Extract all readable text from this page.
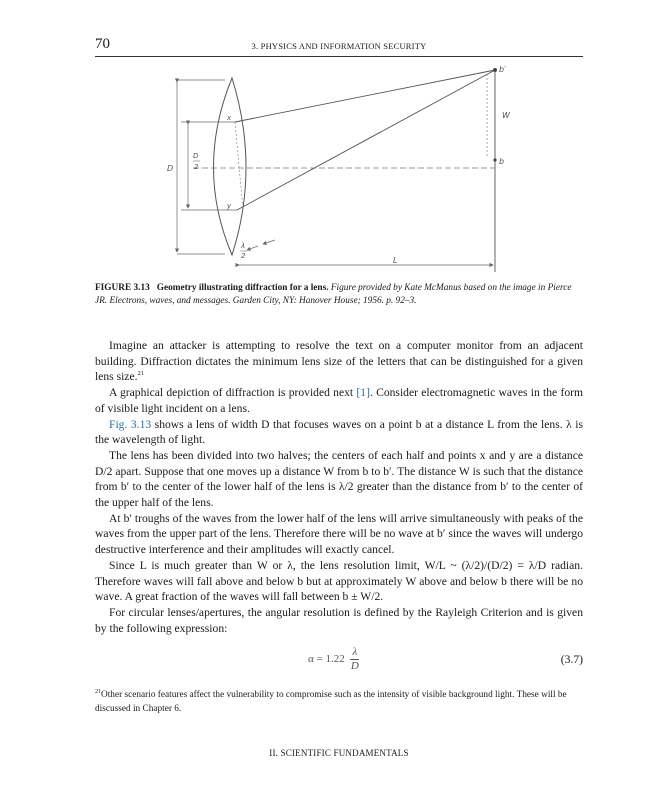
70	3. PHYSICS AND INFORMATION SECURITY
b′
W
b
x
y
D
D
2
λ
2	L
FIGURE 3.13 Geometry illustrating diffraction for a lens. Figure provided by Kate McManus based on the image in Pierce JR. Electrons, waves, and messages. Garden City, NY: Hanover House; 1956. p. 92–3.

Imagine an attacker is attempting to resolve the text on a computer monitor from an adjacent building. Diffraction dictates the minimum lens size of the letters that can be distinguished for a given lens size.$^{21}$

A graphical depiction of diffraction is provided next [1]. Consider electromagnetic waves in the form of visible light incident on a lens.

Fig. 3.13 shows a lens of width D that focuses waves on a point b at a distance L from the lens. λ is the wavelength of light.

The lens has been divided into two halves; the centers of each half and points x and y are a distance D/2 apart. Suppose that one moves up a distance W from b to b′. The distance W is such that the distance from b′ to the center of the lower half of the lens is λ/2 greater than the distance from b′ to the center of the upper half of the lens.

At b′ troughs of the waves from the lower half of the lens will arrive simultaneously with peaks of the waves from the upper part of the lens. Therefore there will be no wave at b′ since the waves will undergo destructive interference and their amplitudes will exactly cancel.

Since L is much greater than W or λ, the lens resolution limit, W/L ~ (λ/2)/(D/2) = λ/D radian. Therefore waves will fall above and below b but at approximately W above and below b there will be no wave. A great fraction of the waves will fall between b ± W/2.

For circular lenses/apertures, the angular resolution is defined by the Rayleigh Criterion and is given by the following expression:

$\alpha = 1.22 \frac{\lambda}{D}$	(3.7)
$^{21}$Other scenario features affect the vulnerability to compromise such as the intensity of visible background light. These will be discussed in Chapter 6.
II. SCIENTIFIC FUNDAMENTALS
